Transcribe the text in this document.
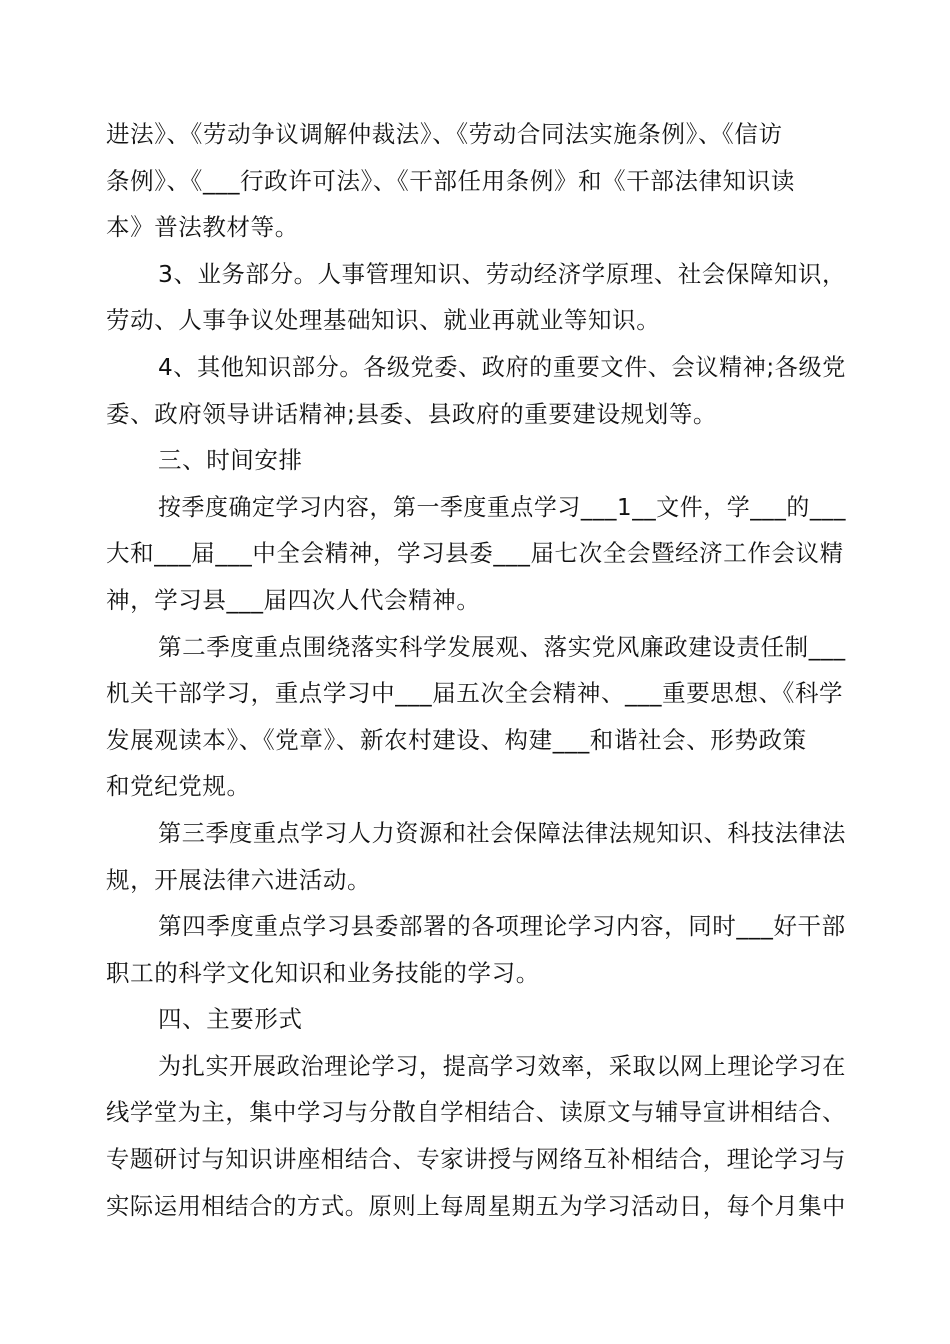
进法》、《劳动争议调解仲裁法》、《劳动合同法实施条例》、《信访
条例》、《___行政许可法》、《干部任用条例》和《干部法律知识读
本》普法教材等。
3、业务部分。人事管理知识、劳动经济学原理、社会保障知识，
劳动、人事争议处理基础知识、就业再就业等知识。
4、其他知识部分。各级党委、政府的重要文件、会议精神;各级党
委、政府领导讲话精神;县委、县政府的重要建设规划等。
三、时间安排
按季度确定学习内容，第一季度重点学习___1__文件，学___的___
大和___届___中全会精神，学习县委___届七次全会暨经济工作会议精
神，学习县___届四次人代会精神。
第二季度重点围绕落实科学发展观、落实党风廉政建设责任制___
机关干部学习，重点学习中___届五次全会精神、___重要思想、《科学
发展观读本》、《党章》、新农村建设、构建___和谐社会、形势政策
和党纪党规。
第三季度重点学习人力资源和社会保障法律法规知识、科技法律法
规，开展法律六进活动。
第四季度重点学习县委部署的各项理论学习内容，同时___好干部
职工的科学文化知识和业务技能的学习。
四、主要形式
为扎实开展政治理论学习，提高学习效率，采取以网上理论学习在
线学堂为主，集中学习与分散自学相结合、读原文与辅导宣讲相结合、
专题研讨与知识讲座相结合、专家讲授与网络互补相结合，理论学习与
实际运用相结合的方式。原则上每周星期五为学习活动日，每个月集中
